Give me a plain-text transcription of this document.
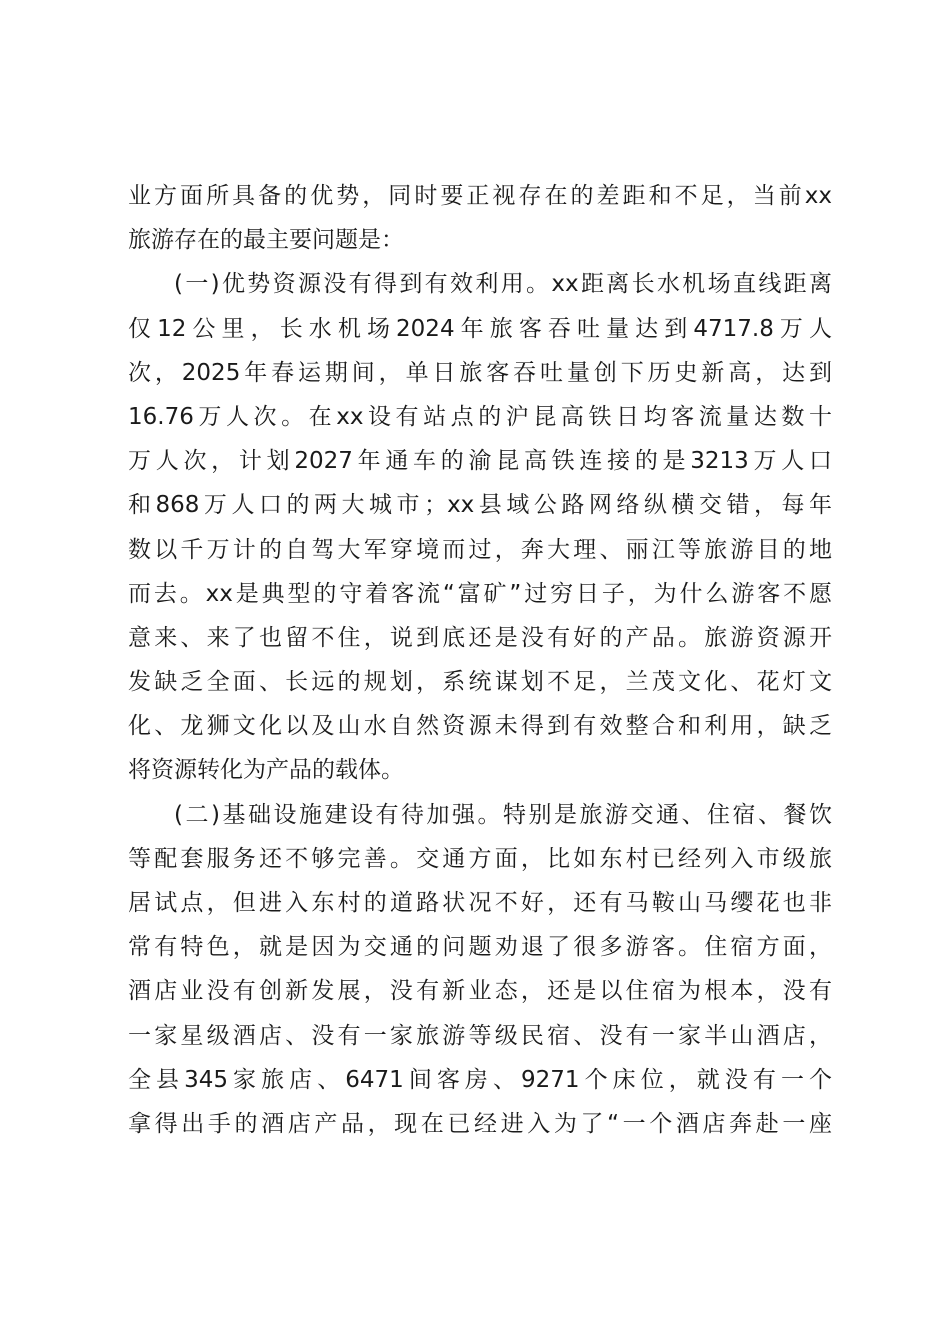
业方面所具备的优势，同时要正视存在的差距和不足，当前xx
旅游存在的最主要问题是：
(一)优势资源没有得到有效利用。xx距离长水机场直线距离
仅12公里，长水机场2024年旅客吞吐量达到4717.8万人
次，2025年春运期间，单日旅客吞吐量创下历史新高，达到
16.76万人次。在xx设有站点的沪昆高铁日均客流量达数十
万人次，计划2027年通车的渝昆高铁连接的是3213万人口
和868万人口的两大城市；xx县域公路网络纵横交错，每年
数以千万计的自驾大军穿境而过，奔大理、丽江等旅游目的地
而去。xx是典型的守着客流“富矿”过穷日子，为什么游客不愿
意来、来了也留不住，说到底还是没有好的产品。旅游资源开
发缺乏全面、长远的规划，系统谋划不足，兰茂文化、花灯文
化、龙狮文化以及山水自然资源未得到有效整合和利用，缺乏
将资源转化为产品的载体。
(二)基础设施建设有待加强。特别是旅游交通、住宿、餐饮
等配套服务还不够完善。交通方面，比如东村已经列入市级旅
居试点，但进入东村的道路状况不好，还有马鞍山马缨花也非
常有特色，就是因为交通的问题劝退了很多游客。住宿方面，
酒店业没有创新发展，没有新业态，还是以住宿为根本，没有
一家星级酒店、没有一家旅游等级民宿、没有一家半山酒店，
全县345家旅店、6471间客房、9271个床位，就没有一个
拿得出手的酒店产品，现在已经进入为了“一个酒店奔赴一座
